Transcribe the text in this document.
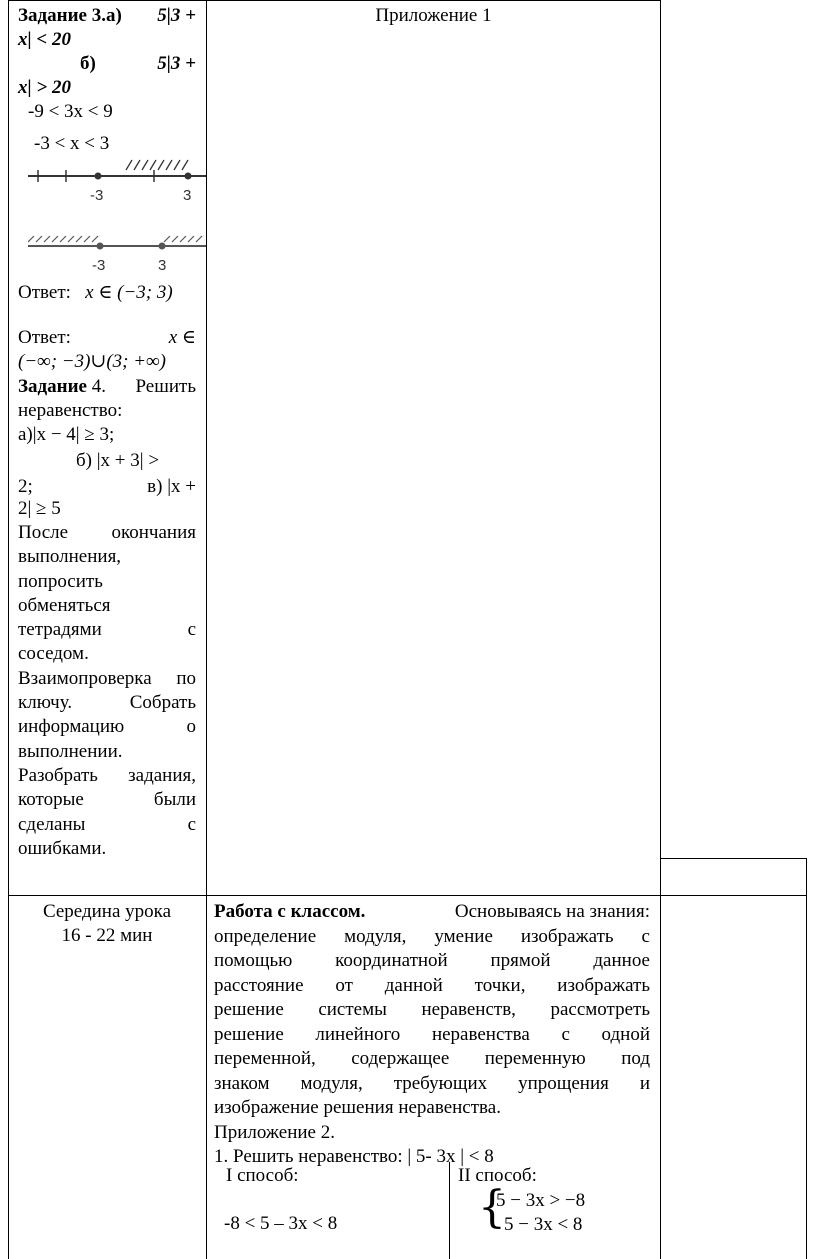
Задание 3.а) 5|3 +
x| < 20
б)	5|3 +
x| > 20
-9 < 3x < 9
-3 < x < 3
-3	3
-3	3
Ответ: x ∈ (−3; 3)
Ответ:	x ∈
(−∞; −3)∪(3; +∞)
Задание 4. Решить
неравенство:
а)|x − 4| ≥ 3;
б) |x + 3| >
2;	в) |x +
2| ≥ 5
После окончания
выполнения,
попросить
обменяться
тетрадями	с
соседом.
Взаимопроверка по
ключу.	Собрать
информацию	о
выполнении.
Разобрать задания,
которые	были
сделаны	с
ошибками.
Приложение 1
Середина урока
16 - 22 мин
Работа с классом.	Основываясь на знания:
определение модуля, умение изображать с
помощью координатной прямой данное
расстояние от данной точки, изображать
решение системы неравенств, рассмотреть
решение линейного неравенства с одной
переменной, содержащее переменную под
знаком модуля, требующих упрощения и
изображение решения неравенства.
Приложение 2.
1. Решить неравенство: | 5- 3x | < 8
I способ:
-8 < 5 – 3x < 8
II способ:
{
5 − 3x > −8
5 − 3x < 8
